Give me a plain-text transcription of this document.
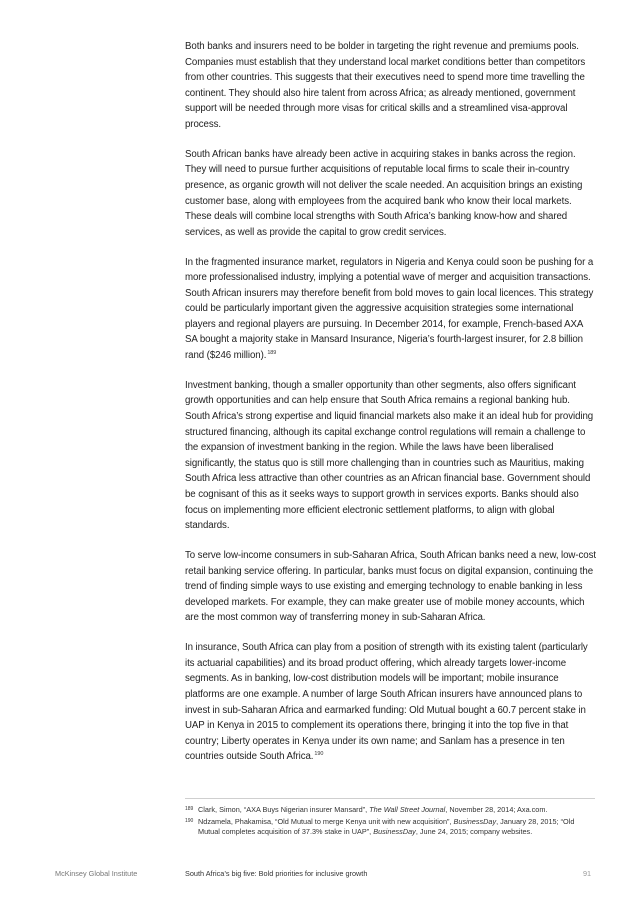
Both banks and insurers need to be bolder in targeting the right revenue and premiums pools. Companies must establish that they understand local market conditions better than competitors from other countries. This suggests that their executives need to spend more time travelling the continent. They should also hire talent from across Africa; as already mentioned, government support will be needed through more visas for critical skills and a streamlined visa-approval process.

South African banks have already been active in acquiring stakes in banks across the region. They will need to pursue further acquisitions of reputable local firms to scale their in-country presence, as organic growth will not deliver the scale needed. An acquisition brings an existing customer base, along with employees from the acquired bank who know their local markets. These deals will combine local strengths with South Africa’s banking know-how and shared services, as well as provide the capital to grow credit services.

In the fragmented insurance market, regulators in Nigeria and Kenya could soon be pushing for a more professionalised industry, implying a potential wave of merger and acquisition transactions. South African insurers may therefore benefit from bold moves to gain local licences. This strategy could be particularly important given the aggressive acquisition strategies some international players and regional players are pursuing. In December 2014, for example, French-based AXA SA bought a majority stake in Mansard Insurance, Nigeria’s fourth-largest insurer, for 2.8 billion rand ($246 million).$^{189}$

Investment banking, though a smaller opportunity than other segments, also offers significant growth opportunities and can help ensure that South Africa remains a regional banking hub. South Africa’s strong expertise and liquid financial markets also make it an ideal hub for providing structured financing, although its capital exchange control regulations will remain a challenge to the expansion of investment banking in the region. While the laws have been liberalised significantly, the status quo is still more challenging than in countries such as Mauritius, making South Africa less attractive than other countries as an African financial base. Government should be cognisant of this as it seeks ways to support growth in services exports. Banks should also focus on implementing more efficient electronic settlement platforms, to align with global standards.

To serve low-income consumers in sub-Saharan Africa, South African banks need a new, low-cost retail banking service offering. In particular, banks must focus on digital expansion, continuing the trend of finding simple ways to use existing and emerging technology to enable banking in less developed markets. For example, they can make greater use of mobile money accounts, which are the most common way of transferring money in sub-Saharan Africa.

In insurance, South Africa can play from a position of strength with its existing talent (particularly its actuarial capabilities) and its broad product offering, which already targets lower-income segments. As in banking, low-cost distribution models will be important; mobile insurance platforms are one example. A number of large South African insurers have announced plans to invest in sub-Saharan Africa and earmarked funding: Old Mutual bought a 60.7 percent stake in UAP in Kenya in 2015 to complement its operations there, bringing it into the top five in that country; Liberty operates in Kenya under its own name; and Sanlam has a presence in ten countries outside South Africa.$^{190}$

189 Clark, Simon, “AXA Buys Nigerian insurer Mansard”, The Wall Street Journal, November 28, 2014; Axa.com.
190 Ndzamela, Phakamisa, “Old Mutual to merge Kenya unit with new acquisition”, BusinessDay, January 28, 2015; “Old Mutual completes acquisition of 37.3% stake in UAP”, BusinessDay, June 24, 2015; company websites.
McKinsey Global Institute	South Africa’s big five: Bold priorities for inclusive growth	91
